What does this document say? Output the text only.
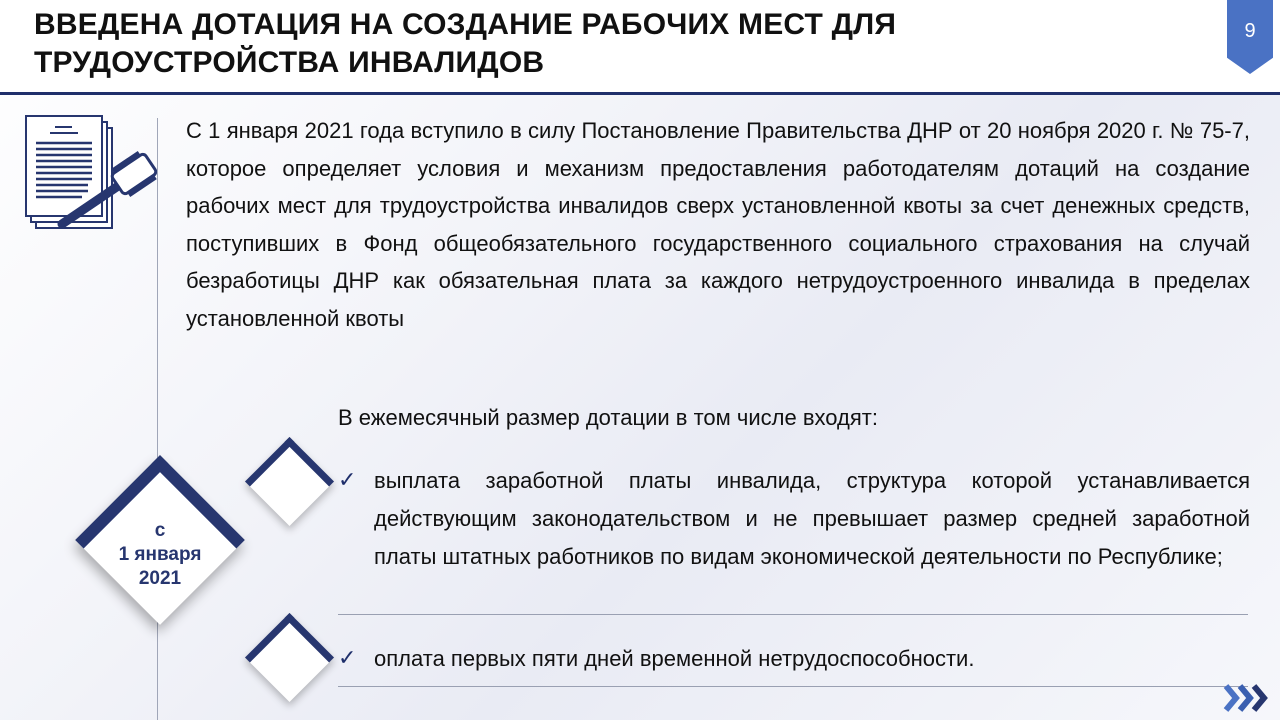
ВВЕДЕНА ДОТАЦИЯ НА СОЗДАНИЕ РАБОЧИХ МЕСТ ДЛЯ ТРУДОУСТРОЙСТВА ИНВАЛИДОВ
9
С 1 января 2021 года вступило в силу Постановление Правительства ДНР от 20 ноября 2020 г. № 75-7, которое определяет условия и механизм предоставления работодателям дотаций на создание рабочих мест для трудоустройства инвалидов сверх установленной квоты за счет денежных средств, поступивших в Фонд общеобязательного государственного социального страхования на случай безработицы ДНР как обязательная плата за каждого нетрудоустроенного инвалида в пределах установленной квоты
В ежемесячный размер дотации в том числе входят:
✓ выплата заработной платы инвалида, структура которой устанавливается действующим законодательством и не превышает размер средней заработной платы штатных работников по видам экономической деятельности по Республике;
✓ оплата первых пяти дней временной нетрудоспособности.
с
1 января
2021
